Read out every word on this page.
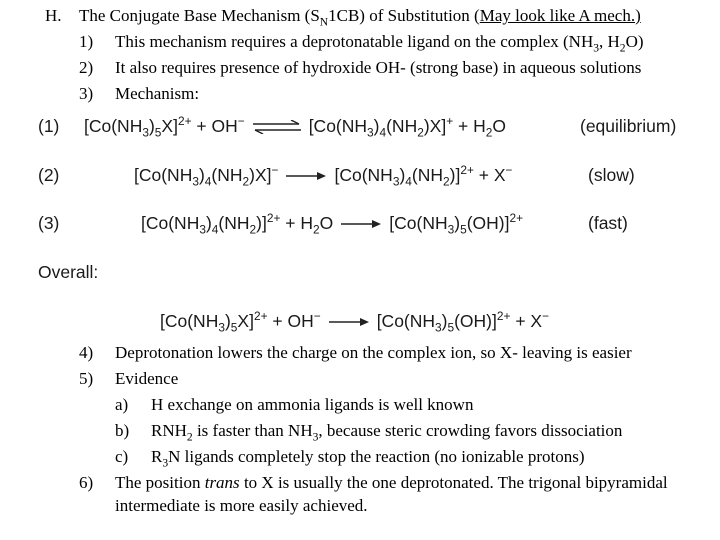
H. The Conjugate Base Mechanism $(S_N1CB)$ of Substitution (May look like A mech.)
1) This mechanism requires a deprotonatable ligand on the complex ($NH_3$, $H_2O$)
2) It also requires presence of hydroxide OH- (strong base) in aqueous solutions
3) Mechanism:
(1) $[Co(NH_3)_5X]^{2+} + OH^-$ ⇌ $[Co(NH_3)_4(NH_2)X]^+ + H_2O$	(equilibrium)
(2)	$[Co(NH_3)_4(NH_2)X]^- \to [Co(NH_3)_4(NH_2)]^{2+} + X^-$	(slow)
(3)	$[Co(NH_3)_4(NH_2)]^{2+} + H_2O \to [Co(NH_3)_5(OH)]^{2+}$	(fast)
Overall:
$[Co(NH_3)_5X]^{2+} + OH^- \to [Co(NH_3)_5(OH)]^{2+} + X^-$
4) Deprotonation lowers the charge on the complex ion, so X- leaving is easier
5) Evidence
a) H exchange on ammonia ligands is well known
b) $RNH_2$ is faster than $NH_3$, because steric crowding favors dissociation
c) $R_3N$ ligands completely stop the reaction (no ionizable protons)
6) The position trans to X is usually the one deprotonated. The trigonal bipyramidal
intermediate is more easily achieved.
